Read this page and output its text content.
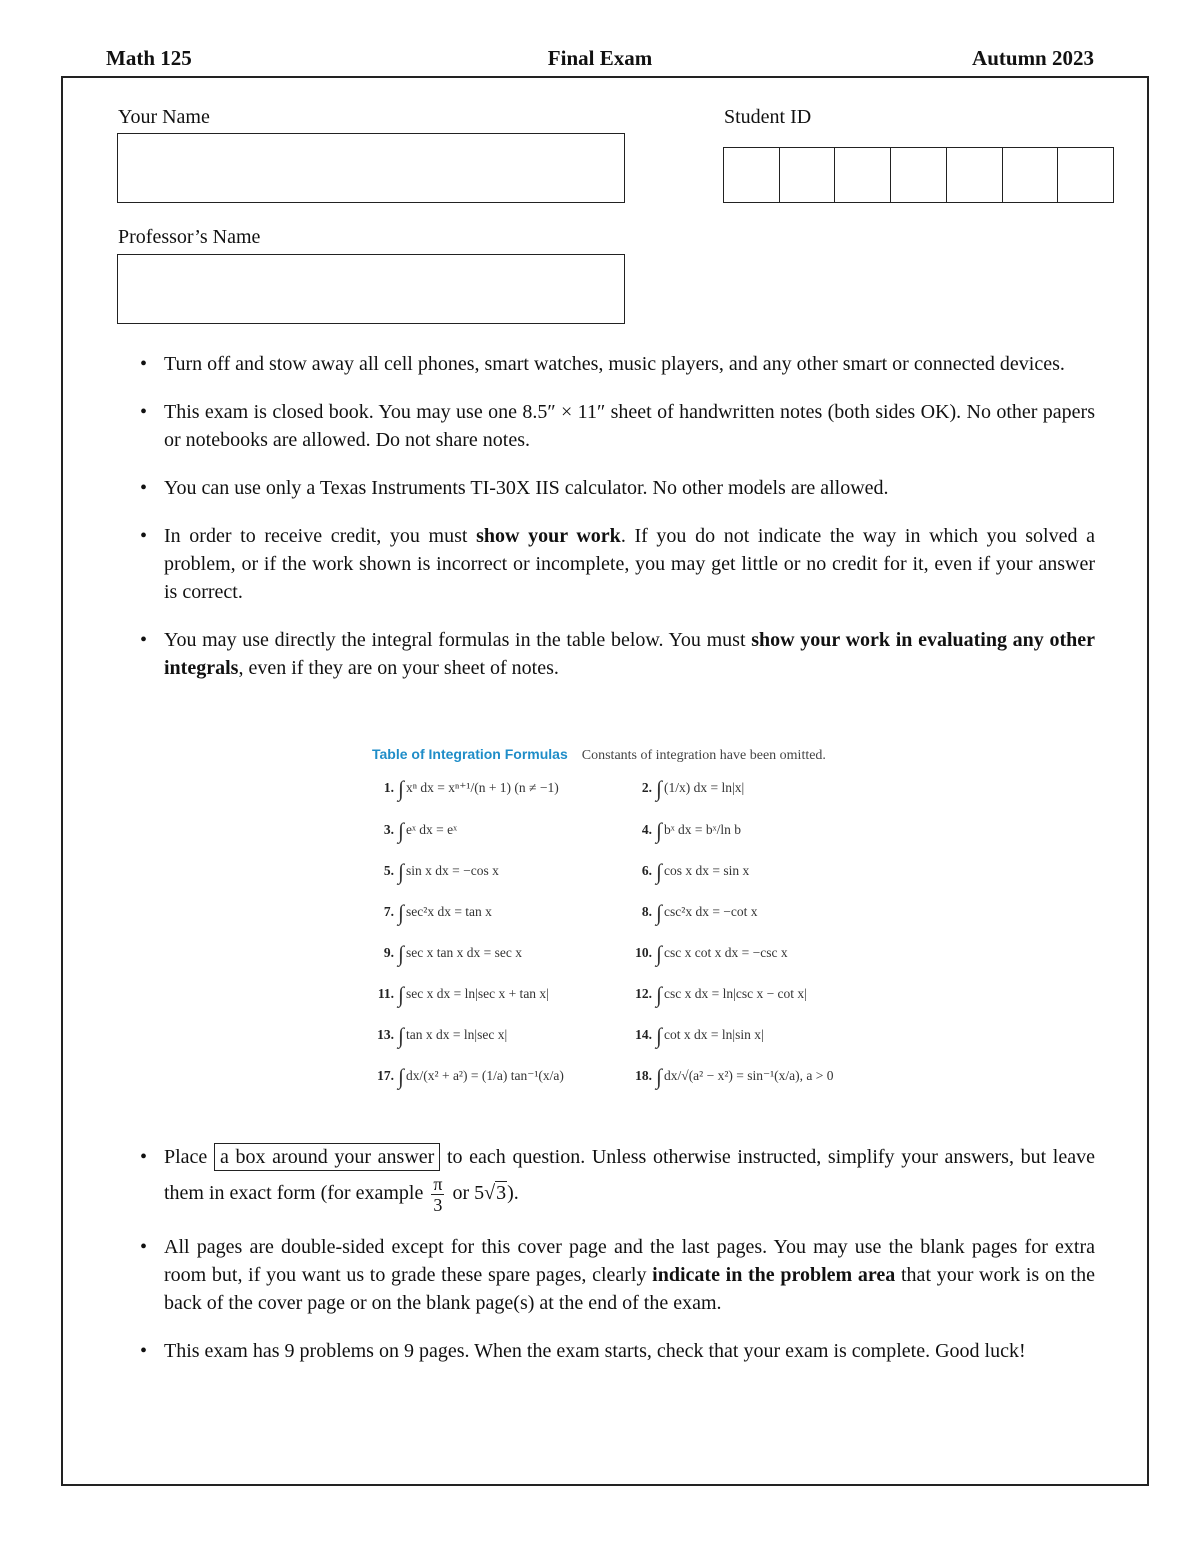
Math 125	Final Exam	Autumn 2023
Your Name	Student ID
Professor’s Name
• Turn off and stow away all cell phones, smart watches, music players, and any other smart or connected devices.
• This exam is closed book. You may use one 8.5″ × 11″ sheet of handwritten notes (both sides OK). No other papers or notebooks are allowed. Do not share notes.
• You can use only a Texas Instruments TI-30X IIS calculator. No other models are allowed.
• In order to receive credit, you must show your work. If you do not indicate the way in which you solved a problem, or if the work shown is incorrect or incomplete, you may get little or no credit for it, even if your answer is correct.
• You may use directly the integral formulas in the table below. You must show your work in evaluating any other integrals, even if they are on your sheet of notes.
Table of Integration Formulas Constants of integration have been omitted.
1. ∫ xⁿ dx = xⁿ⁺¹/(n + 1) (n ≠ −1)	2. ∫ (1/x) dx = ln|x|
3. ∫ eˣ dx = eˣ	4. ∫ bˣ dx = bˣ/ln b
5. ∫ sin x dx = −cos x	6. ∫ cos x dx = sin x
7. ∫ sec²x dx = tan x	8. ∫ csc²x dx = −cot x
9. ∫ sec x tan x dx = sec x	10. ∫ csc x cot x dx = −csc x
11. ∫ sec x dx = ln|sec x + tan x|	12. ∫ csc x dx = ln|csc x − cot x|
13. ∫ tan x dx = ln|sec x|	14. ∫ cot x dx = ln|sin x|
17. ∫ dx/(x² + a²) = (1/a) tan⁻¹(x/a)	18. ∫ dx/√(a² − x²) = sin⁻¹(x/a), a > 0
• Place a box around your answer to each question. Unless otherwise instructed, simplify your answers, but leave them in exact form (for example $\frac{\pi}{3}$ or 5√3).
• All pages are double-sided except for this cover page and the last pages. You may use the blank pages for extra room but, if you want us to grade these spare pages, clearly indicate in the problem area that your work is on the back of the cover page or on the blank page(s) at the end of the exam.
• This exam has 9 problems on 9 pages. When the exam starts, check that your exam is complete. Good luck!
